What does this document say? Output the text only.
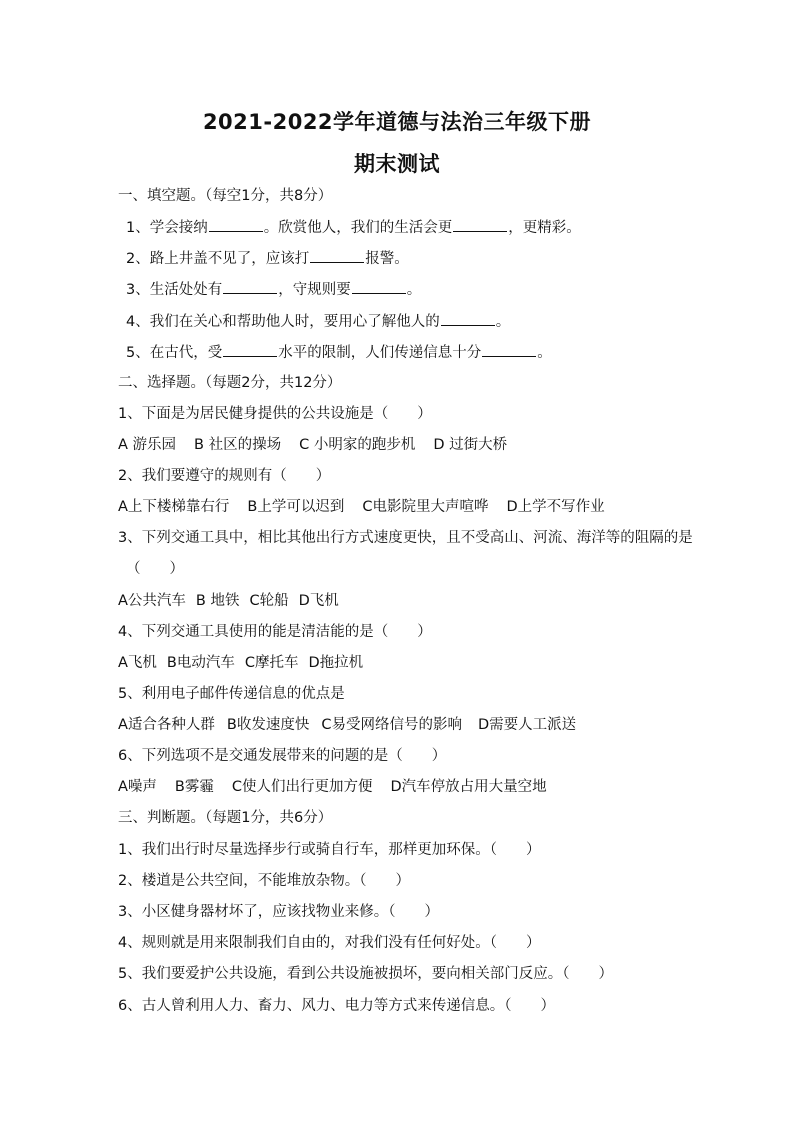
2021-2022学年道德与法治三年级下册
期末测试
一、填空题。（每空1分，共8分）
1、学会接纳	。欣赏他人，我们的生活会更	，更精彩。
2、路上井盖不见了，应该打	报警。
3、生活处处有	，守规则要	。
4、我们在关心和帮助他人时，要用心了解他人的	。
5、在古代，受	水平的限制，人们传递信息十分	。
二、选择题。（每题2分，共12分）
1、下面是为居民健身提供的公共设施是（　　）
A 游乐园 B 社区的操场 C 小明家的跑步机 D 过街大桥
2、我们要遵守的规则有（　　）
A上下楼梯靠右行 B上学可以迟到 C电影院里大声喧哗 D上学不写作业
3、下列交通工具中，相比其他出行方式速度更快，且不受高山、河流、海洋等的阻隔的是
（　　）
A公共汽车 B 地铁 C轮船 D飞机
4、下列交通工具使用的能是清洁能的是（　　）
A飞机 B电动汽车 C摩托车 D拖拉机
5、利用电子邮件传递信息的优点是
A适合各种人群 B收发速度快 C易受网络信号的影响 D需要人工派送
6、下列选项不是交通发展带来的问题的是（　　）
A噪声 B雾霾 C使人们出行更加方便 D汽车停放占用大量空地
三、判断题。（每题1分，共6分）
1、我们出行时尽量选择步行或骑自行车，那样更加环保。（　　）
2、楼道是公共空间，不能堆放杂物。（　　）
3、小区健身器材坏了，应该找物业来修。（　　）
4、规则就是用来限制我们自由的，对我们没有任何好处。（　　）
5、我们要爱护公共设施，看到公共设施被损坏，要向相关部门反应。（　　）
6、古人曾利用人力、畜力、风力、电力等方式来传递信息。（　　）
